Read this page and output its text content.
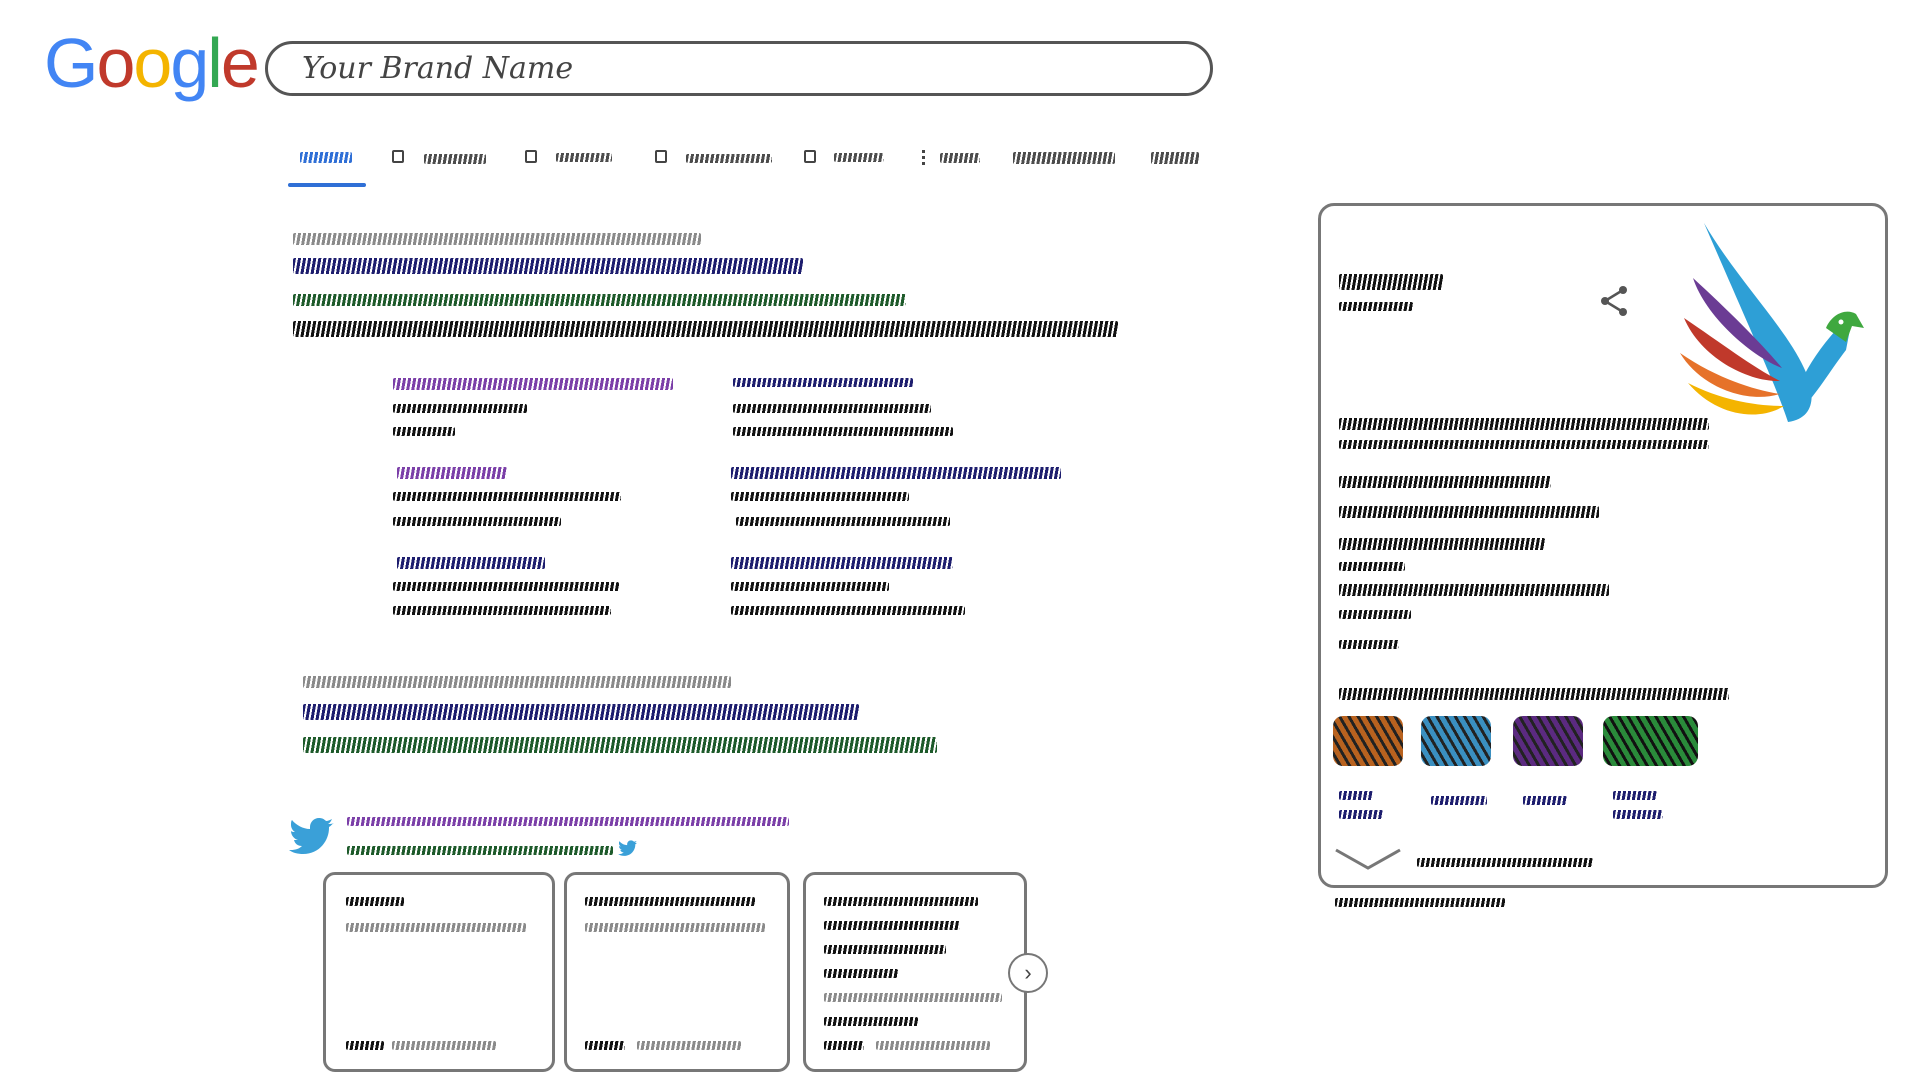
Google
Your Brand Name
›
